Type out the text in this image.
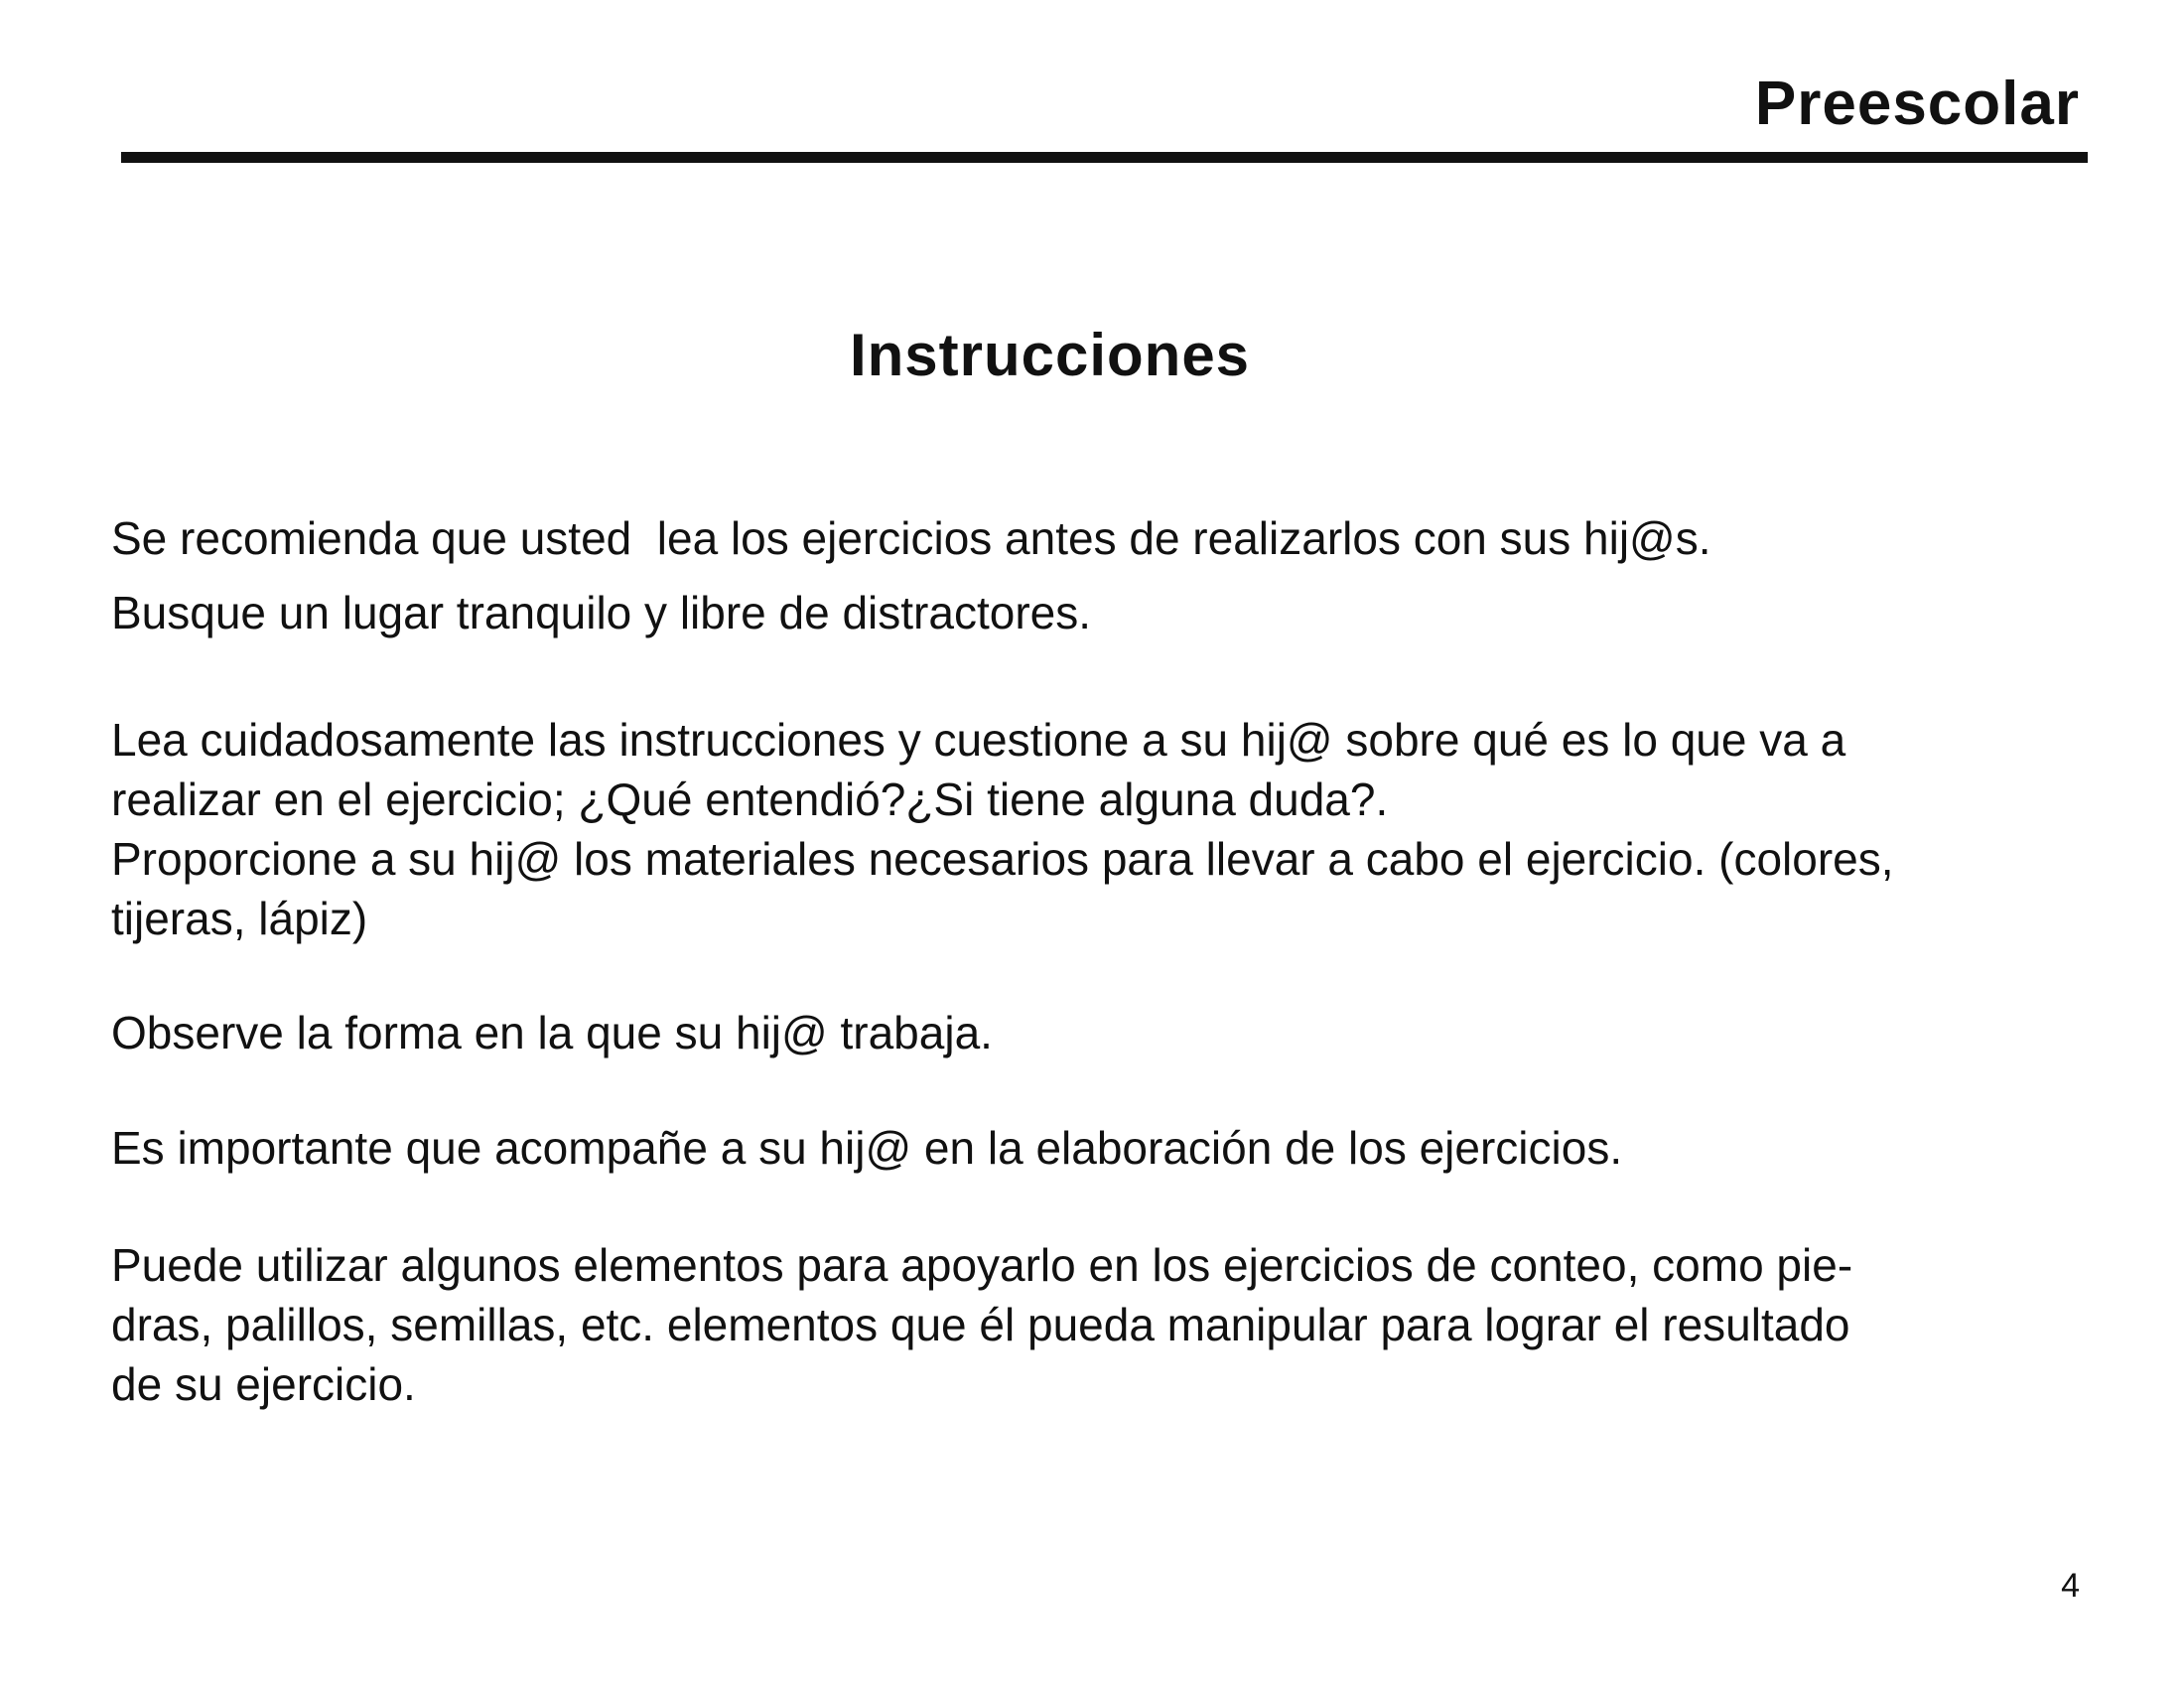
Preescolar
Instrucciones
Se recomienda que usted  lea los ejercicios antes de realizarlos con sus hij@s.
Busque un lugar tranquilo y libre de distractores.
Lea cuidadosamente las instrucciones y cuestione a su hij@ sobre qué es lo que va a
realizar en el ejercicio; ¿Qué entendió?¿Si tiene alguna duda?.
Proporcione a su hij@ los materiales necesarios para llevar a cabo el ejercicio. (colores,
tijeras, lápiz)
Observe la forma en la que su hij@ trabaja.
Es importante que acompañe a su hij@ en la elaboración de los ejercicios.
Puede utilizar algunos elementos para apoyarlo en los ejercicios de conteo, como pie-
dras, palillos, semillas, etc. elementos que él pueda manipular para lograr el resultado
de su ejercicio.
4
